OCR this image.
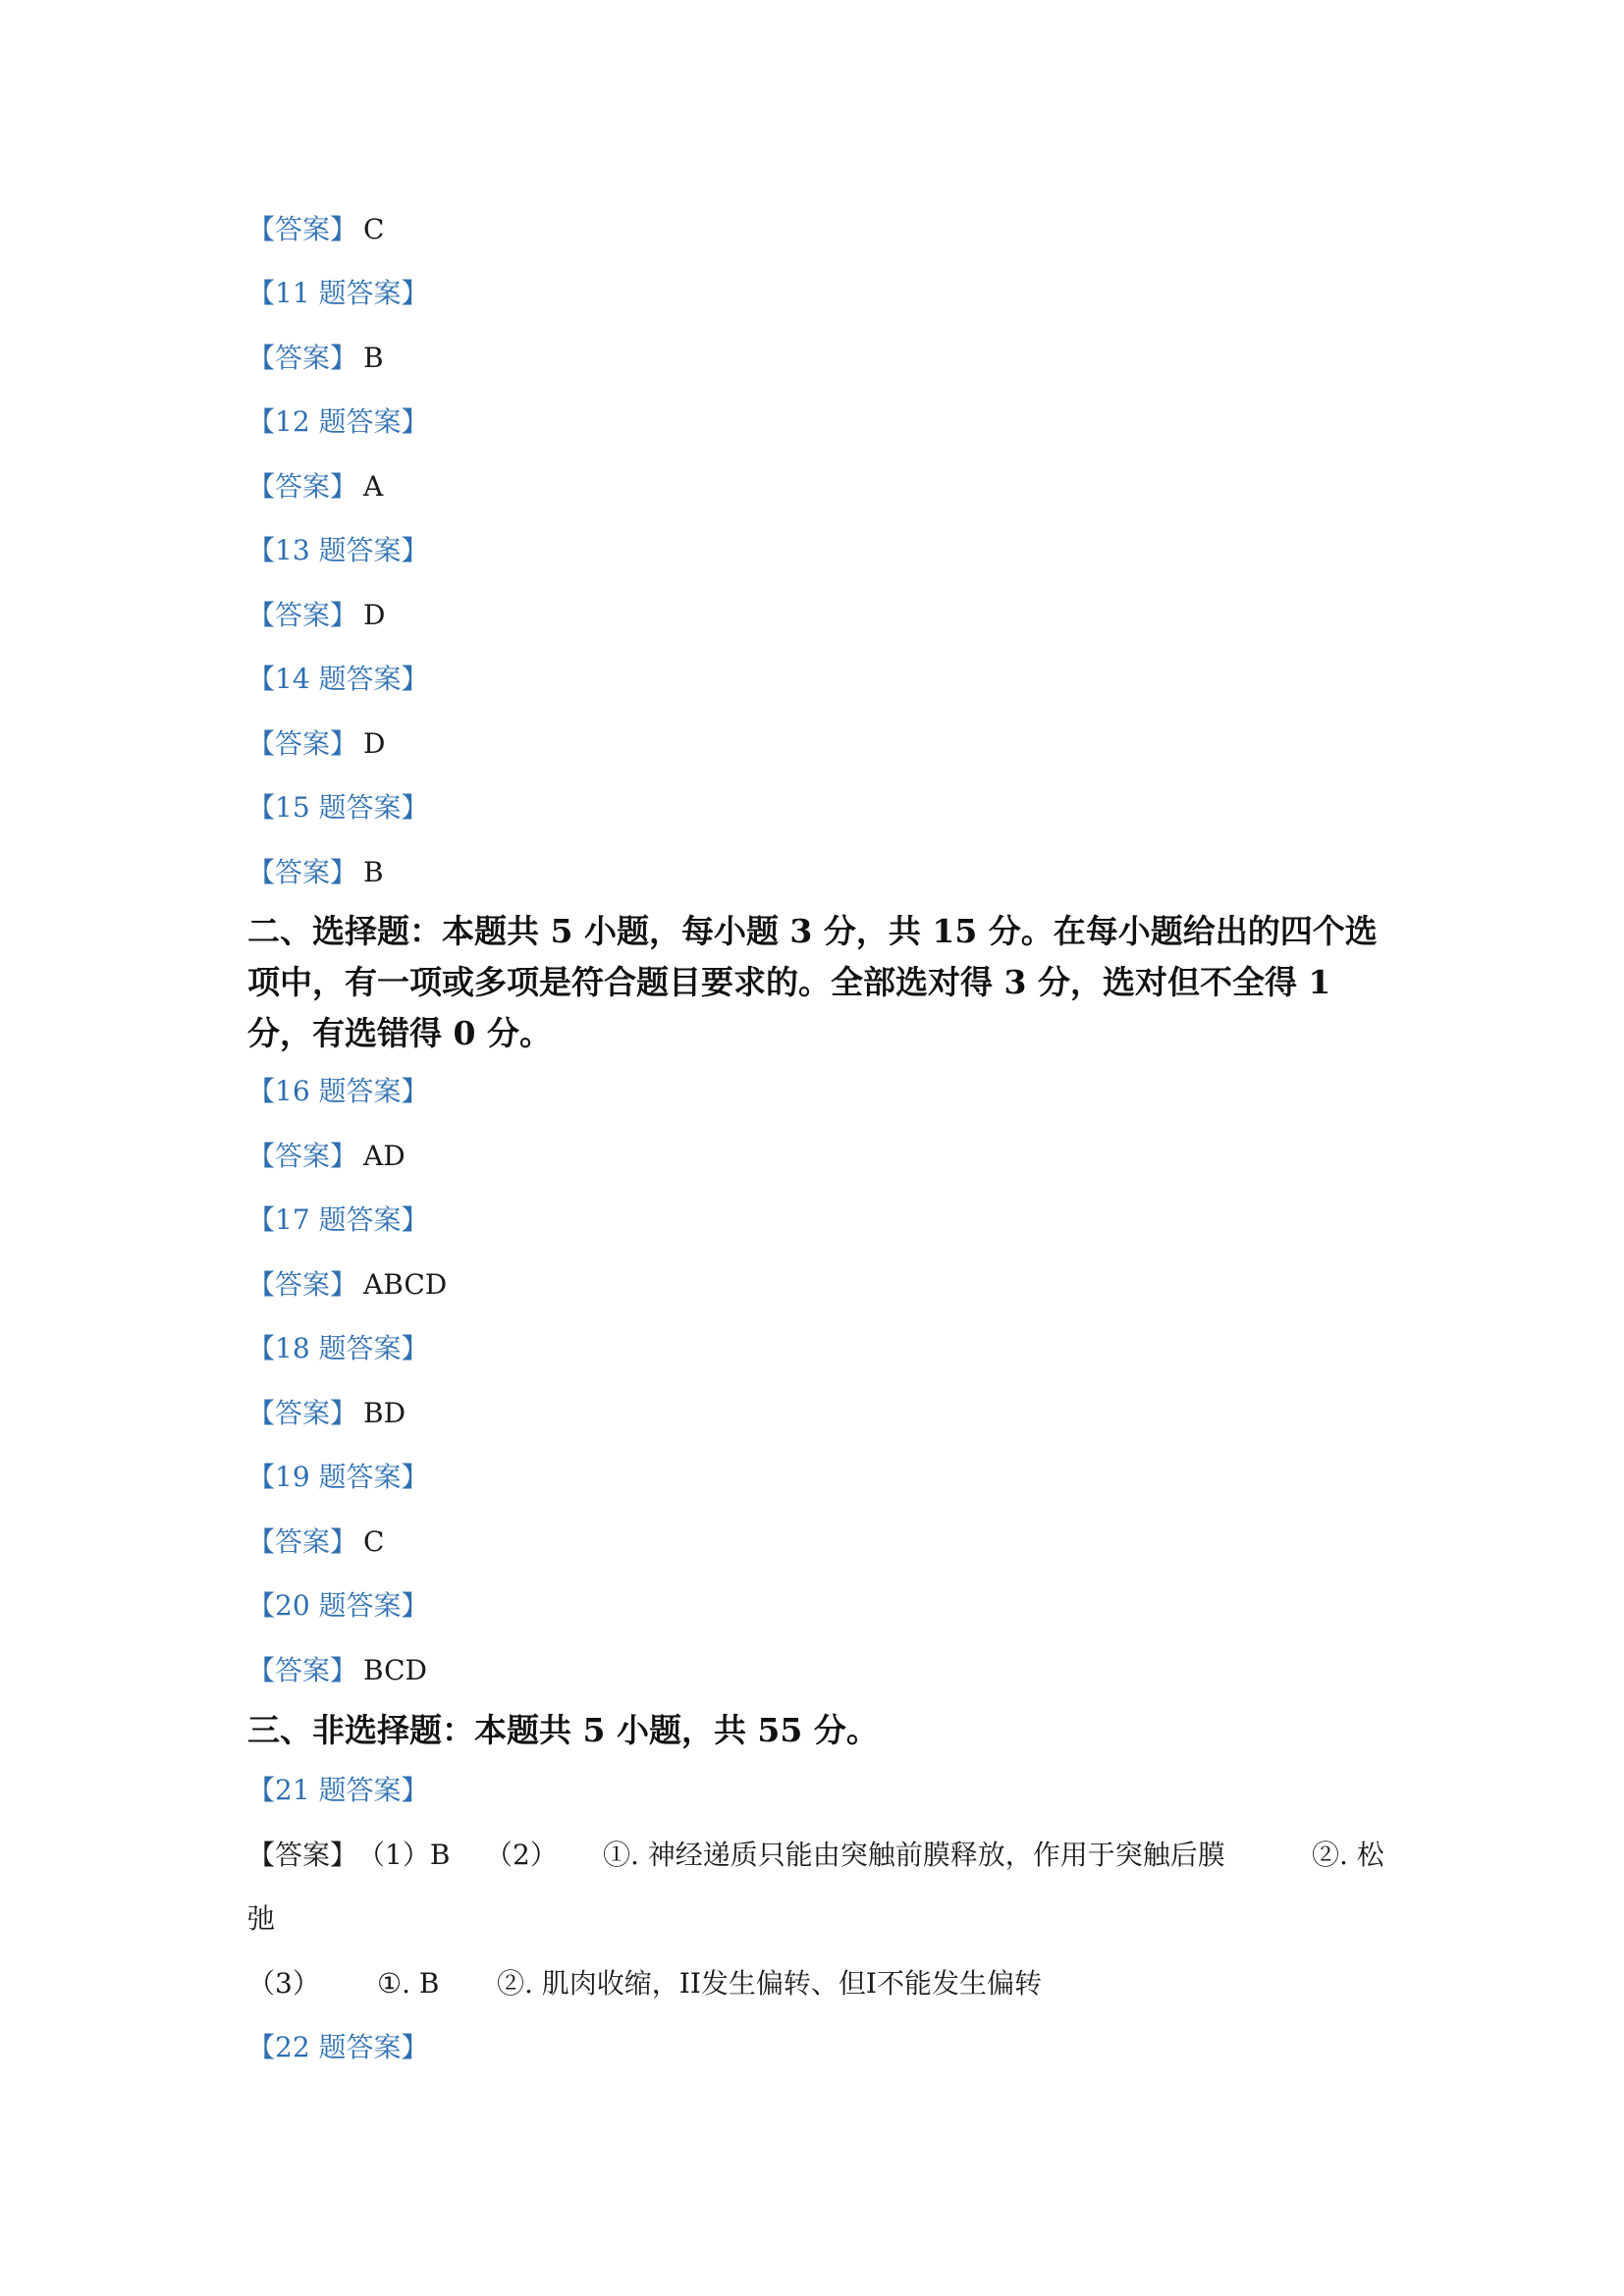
【答案】 C
【11 题答案】
【答案】 B
【12 题答案】
【答案】 A
【13 题答案】
【答案】 D
【14 题答案】
【答案】 D
【15 题答案】
【答案】 B
二、选择题：本题共 5 小题，每小题 3 分，共 15 分。在每小题给出的四个选项中，有一项或多项是符合题目要求的。全部选对得 3 分，选对但不全得 1 分，有选错得 0 分。
【16 题答案】
【答案】 AD
【17 题答案】
【答案】 ABCD
【18 题答案】
【答案】 BD
【19 题答案】
【答案】 C
【20 题答案】
【答案】 BCD
三、非选择题：本题共 5 小题，共 55 分。
【21 题答案】
【答案】 （1）B （2） ①. 神经递质只能由突触前膜释放，作用于突触后膜	②. 松
弛
（3） ①. B ②. 肌肉收缩，II发生偏转、但I不能发生偏转
【22 题答案】
